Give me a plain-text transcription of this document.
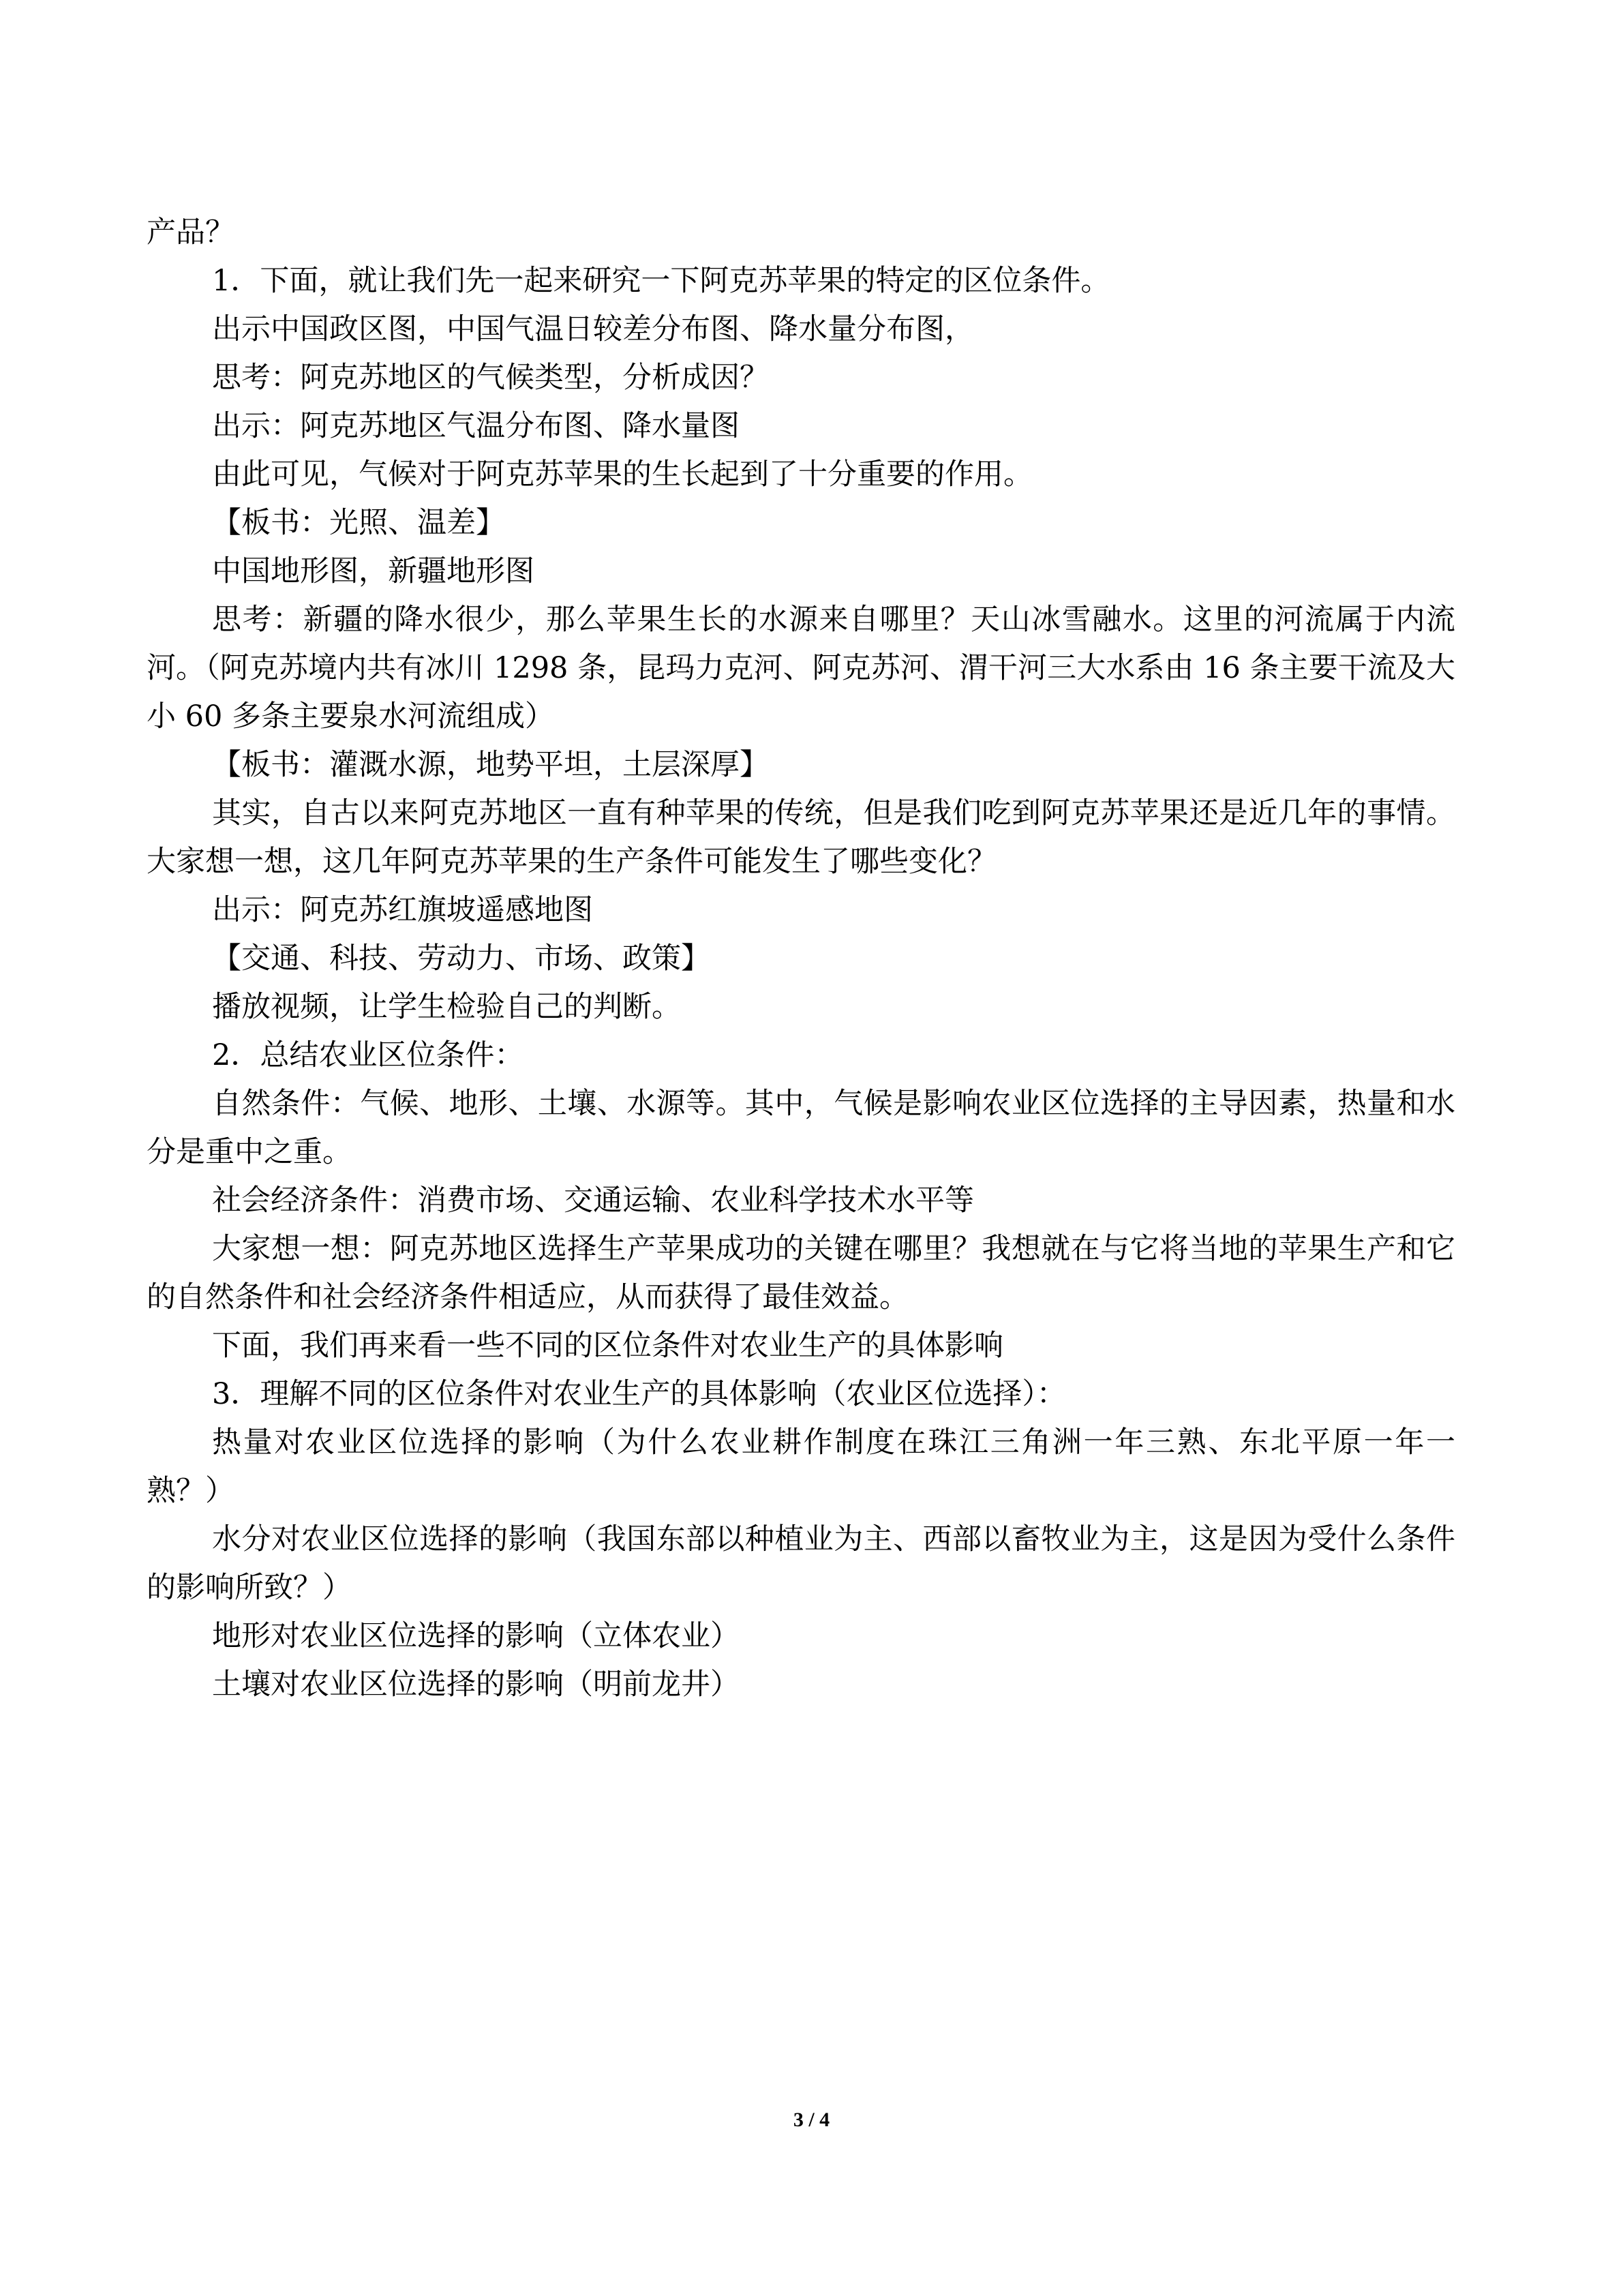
产品？

1．下面，就让我们先一起来研究一下阿克苏苹果的特定的区位条件。

出示中国政区图，中国气温日较差分布图、降水量分布图，

思考：阿克苏地区的气候类型，分析成因？

出示：阿克苏地区气温分布图、降水量图

由此可见，气候对于阿克苏苹果的生长起到了十分重要的作用。

【板书：光照、温差】

中国地形图，新疆地形图

思考：新疆的降水很少，那么苹果生长的水源来自哪里？天山冰雪融水。这里的河流属于内流河。（阿克苏境内共有冰川 1298 条，昆玛力克河、阿克苏河、渭干河三大水系由 16 条主要干流及大小 60 多条主要泉水河流组成）

【板书：灌溉水源，地势平坦，土层深厚】

其实，自古以来阿克苏地区一直有种苹果的传统，但是我们吃到阿克苏苹果还是近几年的事情。大家想一想，这几年阿克苏苹果的生产条件可能发生了哪些变化？

出示：阿克苏红旗坡遥感地图

【交通、科技、劳动力、市场、政策】

播放视频，让学生检验自己的判断。

2．总结农业区位条件：

自然条件：气候、地形、土壤、水源等。其中，气候是影响农业区位选择的主导因素，热量和水分是重中之重。

社会经济条件：消费市场、交通运输、农业科学技术水平等

大家想一想：阿克苏地区选择生产苹果成功的关键在哪里？我想就在与它将当地的苹果生产和它的自然条件和社会经济条件相适应，从而获得了最佳效益。

下面，我们再来看一些不同的区位条件对农业生产的具体影响

3．理解不同的区位条件对农业生产的具体影响（农业区位选择）：

热量对农业区位选择的影响（为什么农业耕作制度在珠江三角洲一年三熟、东北平原一年一熟？）

水分对农业区位选择的影响（我国东部以种植业为主、西部以畜牧业为主，这是因为受什么条件的影响所致？）

地形对农业区位选择的影响（立体农业）

土壤对农业区位选择的影响（明前龙井）

3 / 4
